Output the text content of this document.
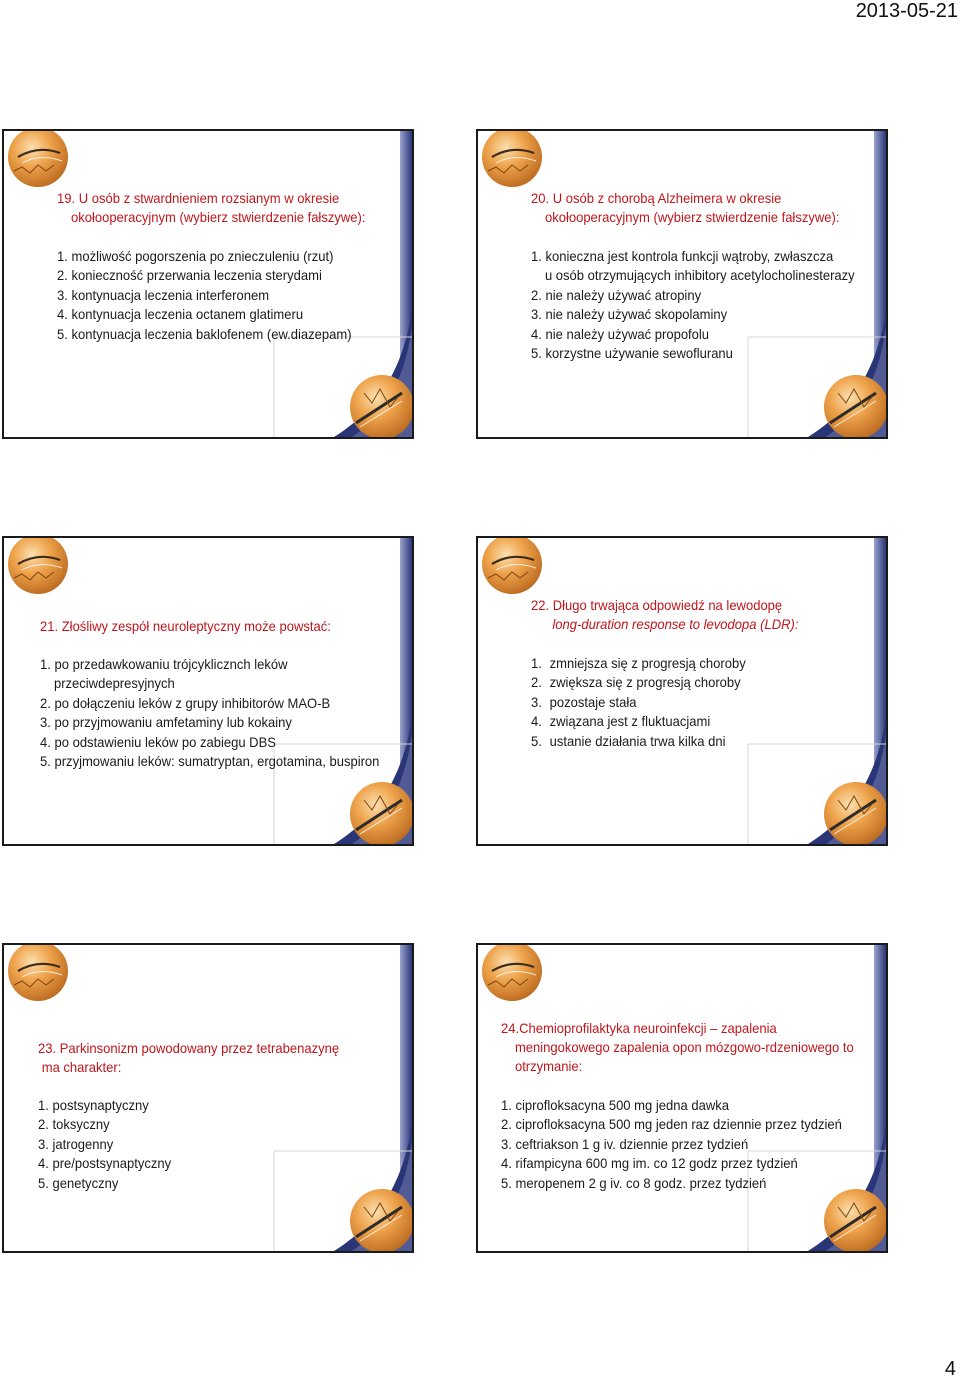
2013-05-21
19. U osób z stwardnieniem rozsianym w okresie
okołooperacyjnym (wybierz stwierdzenie fałszywe):
1. możliwość pogorszenia po znieczuleniu (rzut)
2. konieczność przerwania leczenia sterydami
3. kontynuacja leczenia interferonem
4. kontynuacja leczenia octanem glatimeru
5. kontynuacja leczenia baklofenem (ew.diazepam)
20. U osób z chorobą Alzheimera w okresie
okołooperacyjnym (wybierz stwierdzenie fałszywe):
1. konieczna jest kontrola funkcji wątroby, zwłaszcza
u osób otrzymujących inhibitory acetylocholinesterazy
2. nie należy używać atropiny
3. nie należy używać skopolaminy
4. nie należy używać propofolu
5. korzystne używanie sewofluranu
21. Złośliwy zespół neuroleptyczny może powstać:
1. po przedawkowaniu trójcyklicznch leków
przeciwdepresyjnych
2. po dołączeniu leków z grupy inhibitorów MAO-B
3. po przyjmowaniu amfetaminy lub kokainy
4. po odstawieniu leków po zabiegu DBS
5. przyjmowaniu leków: sumatryptan, ergotamina, buspiron
22. Długo trwająca odpowiedź na lewodopę
long-duration response to levodopa (LDR):
1. zmniejsza się z progresją choroby
2. zwiększa się z progresją choroby
3. pozostaje stała
4. związana jest z fluktuacjami
5. ustanie działania trwa kilka dni
23. Parkinsonizm powodowany przez tetrabenazynę
ma charakter:
1. postsynaptyczny
2. toksyczny
3. jatrogenny
4. pre/postsynaptyczny
5. genetyczny
24.Chemioprofilaktyka neuroinfekcji – zapalenia
meningokowego zapalenia opon mózgowo-rdzeniowego to
otrzymanie:
1. ciprofloksacyna 500 mg jedna dawka
2. ciprofloksacyna 500 mg jeden raz dziennie przez tydzień
3. ceftriakson 1 g iv. dziennie przez tydzień
4. rifampicyna 600 mg im. co 12 godz przez tydzień
5. meropenem 2 g iv. co 8 godz. przez tydzień
4
